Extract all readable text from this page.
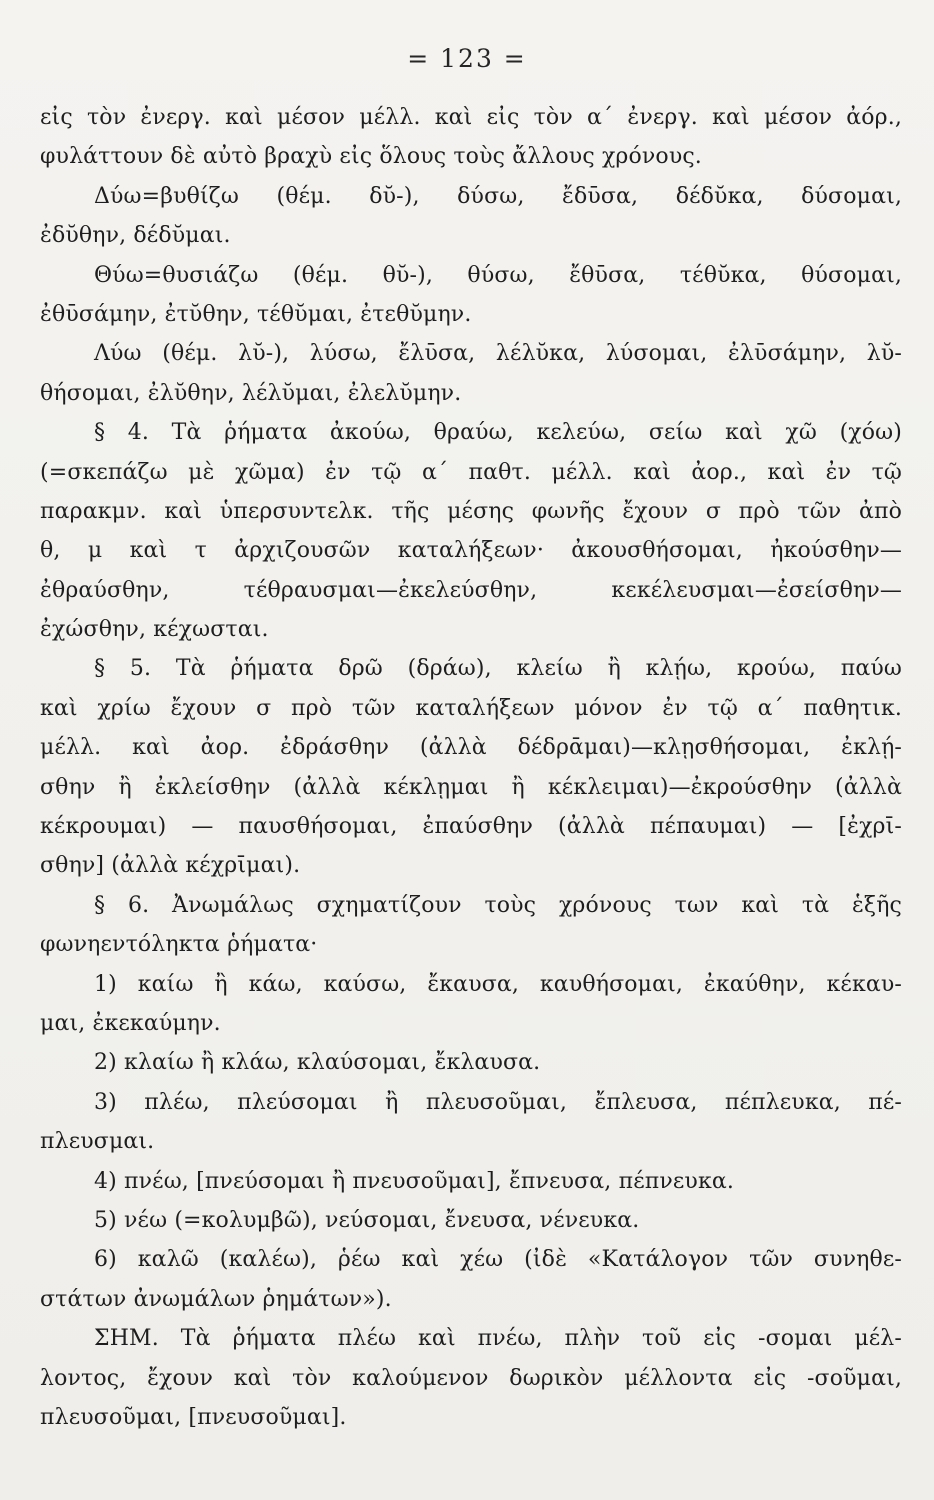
= 123 =
εἰς τὸν ἐνεργ. καὶ μέσον μέλλ. καὶ εἰς τὸν α΄ ἐνεργ. καὶ μέσον ἀόρ.,
φυλάττουν δὲ αὐτὸ βραχὺ εἰς ὅλους τοὺς ἄλλους χρόνους.
Δύω=βυθίζω (θέμ. δῠ-), δύσω, ἔδῡσα, δέδῠκα, δύσομαι,
ἐδῠθην, δέδῠμαι.
Θύω=θυσιάζω (θέμ. θῠ-), θύσω, ἔθῡσα, τέθῠκα, θύσομαι,
ἐθῡσάμην, ἐτῠθην, τέθῠμαι, ἐτεθῠμην.
Λύω (θέμ. λῠ-), λύσω, ἔλῡσα, λέλῠκα, λύσομαι, ἐλῡσάμην, λῠ-
θήσομαι, ἐλῠθην, λέλῠμαι, ἐλελῠμην.
§ 4. Τὰ ῥήματα ἀκούω, θραύω, κελεύω, σείω καὶ χῶ (χόω)
(=σκεπάζω μὲ χῶμα) ἐν τῷ α΄ παθτ. μέλλ. καὶ ἀορ., καὶ ἐν τῷ
παρακμν. καὶ ὑπερσυντελκ. τῆς μέσης φωνῆς ἔχουν σ πρὸ τῶν ἀπὸ
θ, μ καὶ τ ἀρχιζουσῶν καταλήξεων· ἀκουσθήσομαι, ἠκούσθην—
ἐθραύσθην, τέθραυσμαι—ἐκελεύσθην, κεκέλευσμαι—ἐσείσθην—
ἐχώσθην, κέχωσται.
§ 5. Τὰ ῥήματα δρῶ (δράω), κλείω ἢ κλῄω, κρούω, παύω
καὶ χρίω ἔχουν σ πρὸ τῶν καταλήξεων μόνον ἐν τῷ α΄ παθητικ.
μέλλ. καὶ ἀορ. ἐδράσθην (ἀλλὰ δέδρᾱμαι)—κλῃσθήσομαι, ἐκλῄ-
σθην ἢ ἐκλείσθην (ἀλλὰ κέκλῃμαι ἢ κέκλειμαι)—ἐκρούσθην (ἀλλὰ
κέκρουμαι) — παυσθήσομαι, ἐπαύσθην (ἀλλὰ πέπαυμαι) — [ἐχρῑ-
σθην] (ἀλλὰ κέχρῑμαι).
§ 6. Ἀνωμάλως σχηματίζουν τοὺς χρόνους των καὶ τὰ ἑξῆς
φωνηεντόληκτα ῥήματα·
1) καίω ἢ κάω, καύσω, ἔκαυσα, καυθήσομαι, ἐκαύθην, κέκαυ-
μαι, ἐκεκαύμην.
2) κλαίω ἢ κλάω, κλαύσομαι, ἔκλαυσα.
3) πλέω, πλεύσομαι ἢ πλευσοῦμαι, ἔπλευσα, πέπλευκα, πέ-
πλευσμαι.
4) πνέω, [πνεύσομαι ἢ πνευσοῦμαι], ἔπνευσα, πέπνευκα.
5) νέω (=κολυμβῶ), νεύσομαι, ἔνευσα, νένευκα.
6) καλῶ (καλέω), ῥέω καὶ χέω (ἰδὲ «Κατάλογον τῶν συνηθε-
στάτων ἀνωμάλων ῥημάτων»).
ΣΗΜ. Τὰ ῥήματα πλέω καὶ πνέω, πλὴν τοῦ εἰς -σομαι μέλ-
λοντος, ἔχουν καὶ τὸν καλούμενον δωρικὸν μέλλοντα εἰς -σοῦμαι,
πλευσοῦμαι, [πνευσοῦμαι].
